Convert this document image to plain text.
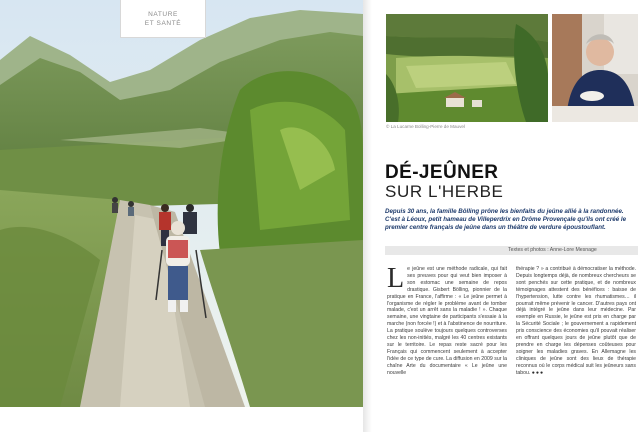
NATURE
ET SANTÉ
© La Lucarne Bolling-Pierre de Mauvel
DÉ-JEÛNER
SUR L'HERBE
Depuis 30 ans, la famille Bölling prône les bienfaits du jeûne allié à la randonnée. C'est à Léoux, petit hameau de Villeperdrix en Drôme Provençale qu'ils ont créé le premier centre français de jeûne dans un théâtre de verdure époustouflant.
Textes et photos : Anne-Lore Mesnage
Le jeûne est une méthode radicale, qui fait ses preuves pour qui veut bien imposer à son estomac une semaine de repos drastique. Gisbert Bölling, pionnier de la pratique en France, l'affirme : « Le jeûne permet à l'organisme de régler le problème avant de tomber malade, c'est un arrêt sans la maladie ! ». Chaque semaine, une vingtaine de participants s'essaie à la marche (non forcée !) et à l'abstinence de nourriture. La pratique soulève toujours quelques controverses chez les non-initiés, malgré les 40 centres existants sur le territoire. Le repas reste sacré pour les Français qui commencent seulement à accepter l'idée de ce type de cure. La diffusion en 2009 sur la chaîne Arte du documentaire « Le jeûne une nouvelle
thérapie ? » a contribué à démocratiser la méthode. Depuis longtemps déjà, de nombreux chercheurs se sont penchés sur cette pratique, et de nombreux témoignages attestent des bénéfices : baisse de l'hypertension, lutte contre les rhumatismes… il pourrait même prévenir le cancer. D'autres pays ont déjà intégré le jeûne dans leur médecine. Par exemple en Russie, le jeûne est pris en charge par la Sécurité Sociale ; le gouvernement a rapidement pris conscience des économies qu'il pouvait réaliser en offrant quelques jours de jeûne plutôt que de prendre en charge les dépenses coûteuses pour soigner les maladies graves. En Allemagne les cliniques de jeûne sont des lieux de thérapie reconnus où le corps médical suit les jeûneurs sans tabou. ●●●
